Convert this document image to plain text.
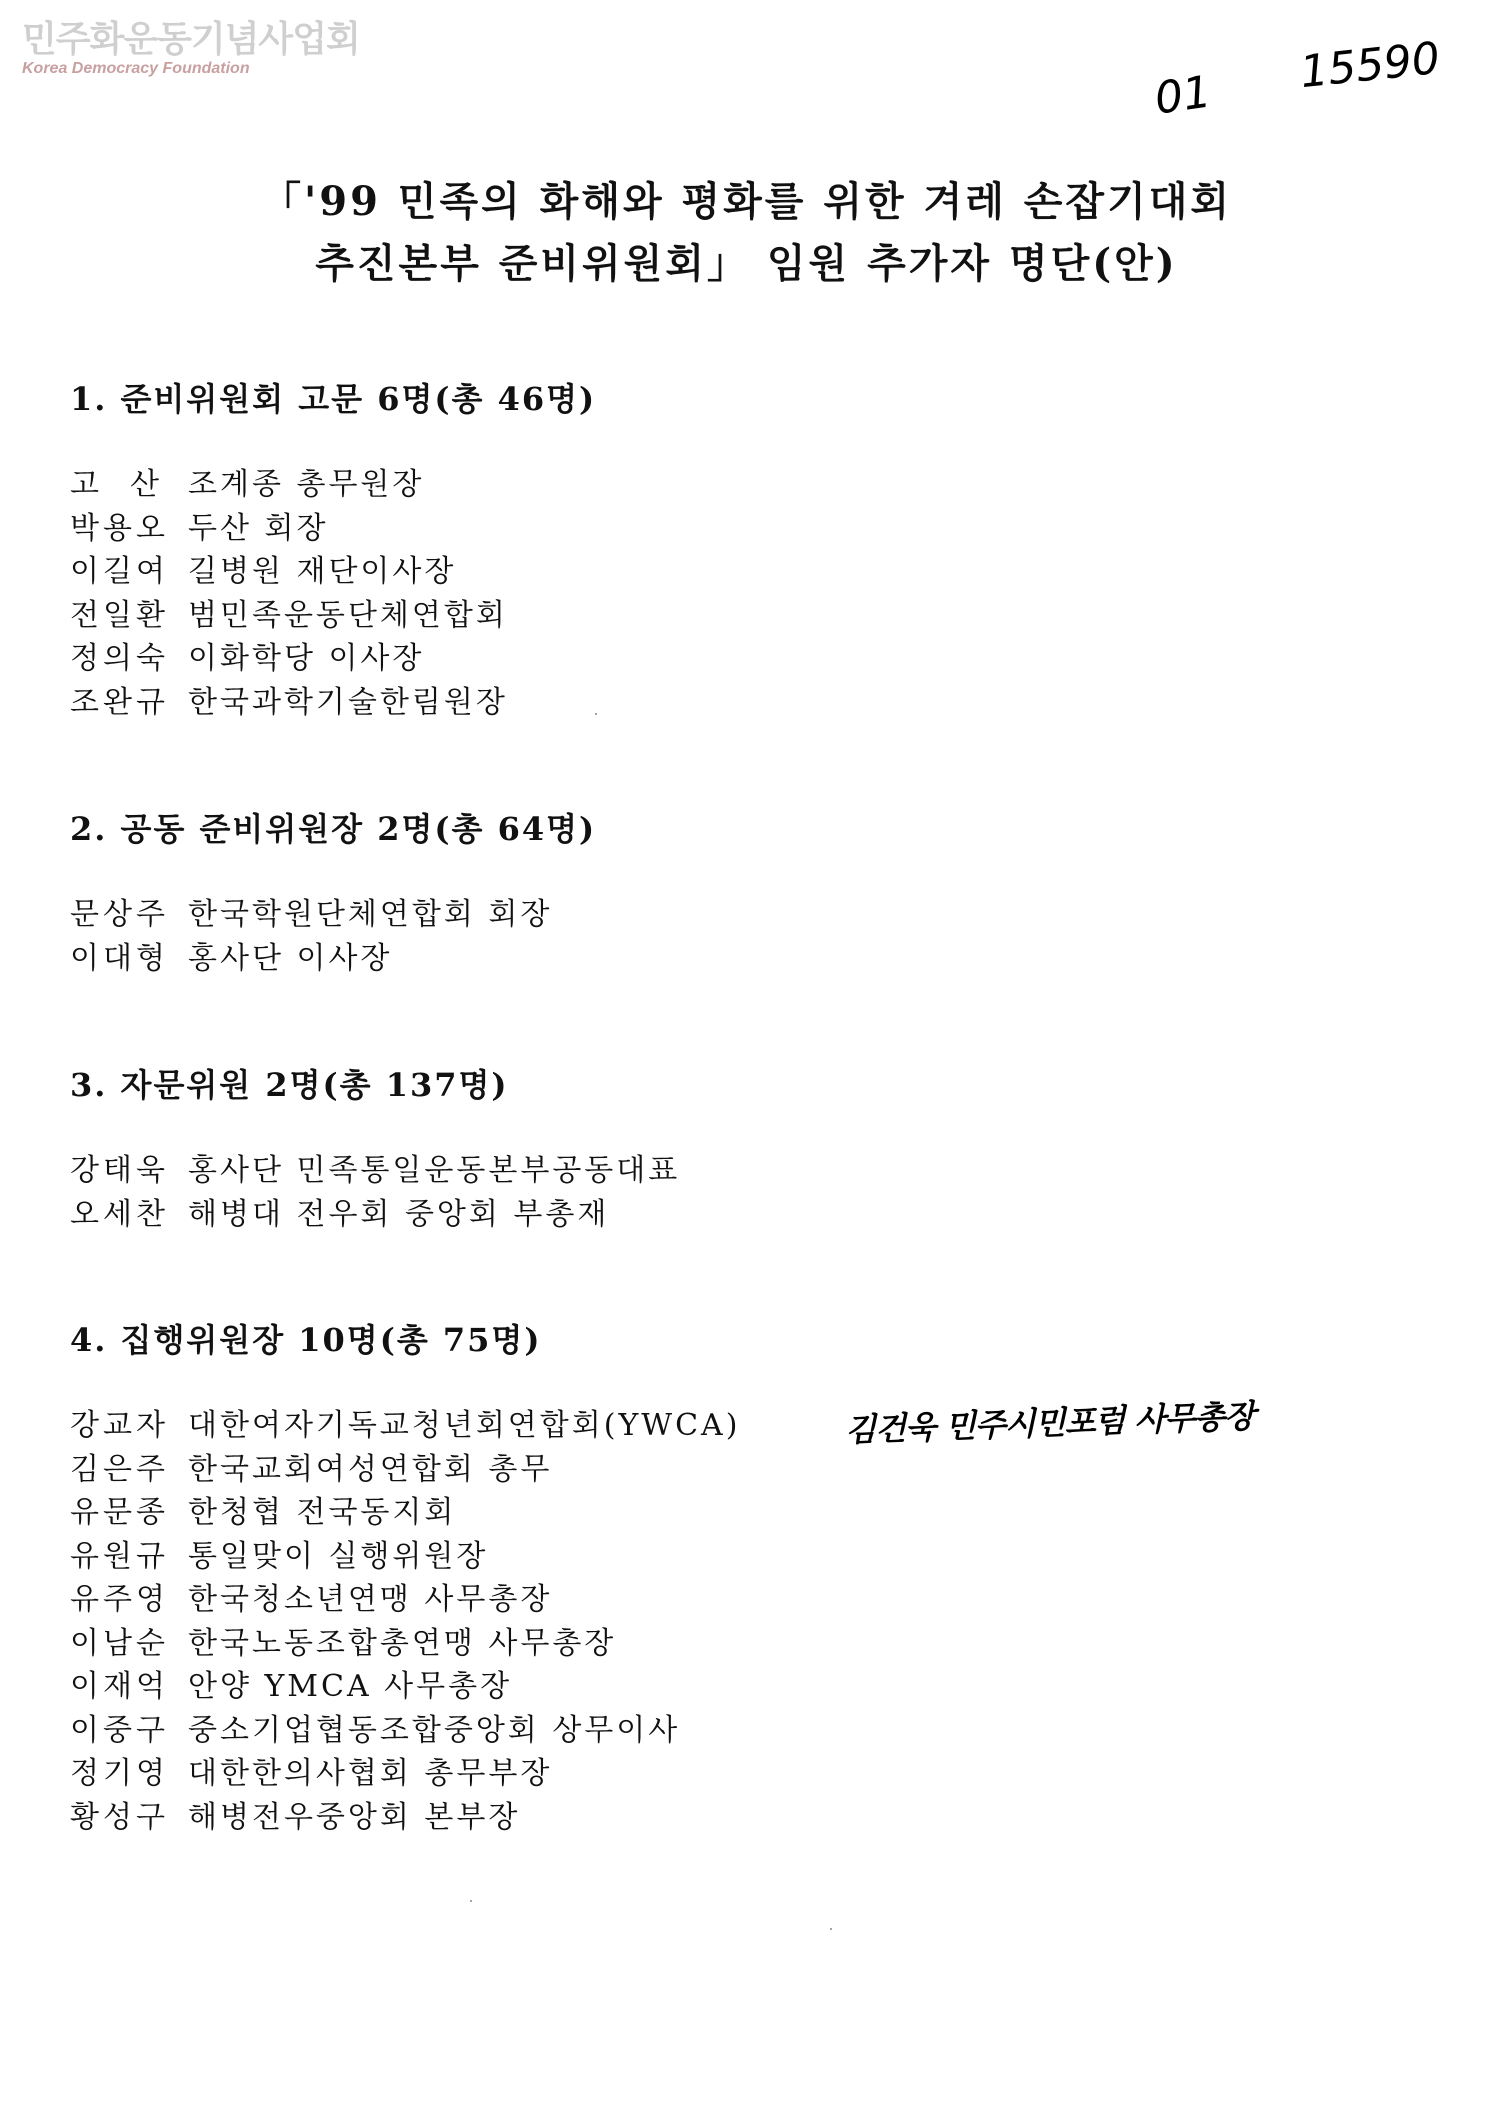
민주화운동기념사업회
Korea Democracy Foundation	01 15590
「'99 민족의 화해와 평화를 위한 겨레 손잡기대회
추진본부 준비위원회」 임원 추가자 명단(안)
1. 준비위원회 고문 6명(총 46명)
고  산 조계종 총무원장
박용오 두산 회장
이길여 길병원 재단이사장
전일환 범민족운동단체연합회
정의숙 이화학당 이사장
조완규 한국과학기술한림원장
2. 공동 준비위원장 2명(총 64명)
문상주 한국학원단체연합회 회장
이대형 홍사단 이사장
3. 자문위원 2명(총 137명)
강태욱 홍사단 민족통일운동본부공동대표
오세찬 해병대 전우회 중앙회 부총재
4. 집행위원장 10명(총 75명)
강교자 대한여자기독교청년회연합회(YWCA)
김은주 한국교회여성연합회 총무
유문종 한청협 전국동지회
유원규 통일맞이 실행위원장
유주영 한국청소년연맹 사무총장
이남순 한국노동조합총연맹 사무총장
이재억 안양 YMCA 사무총장
이중구 중소기업협동조합중앙회 상무이사
정기영 대한한의사협회 총무부장
황성구 해병전우중앙회 본부장
김건욱 민주시민포럼 사무총장
